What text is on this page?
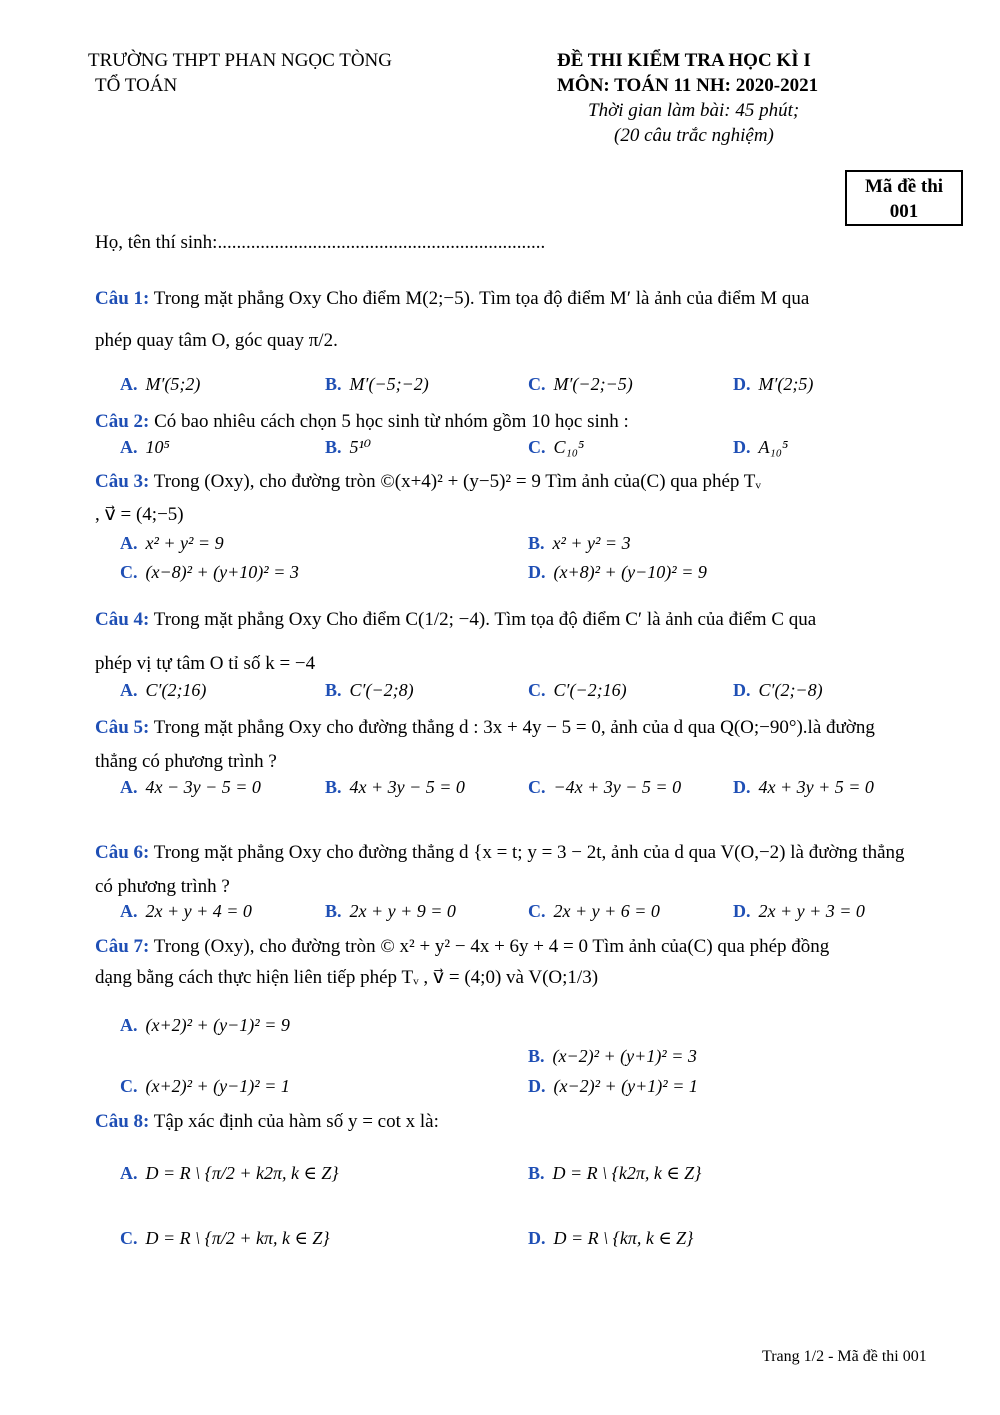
TRƯỜNG THPT PHAN NGỌC TÒNG
TỔ TOÁN
ĐỀ THI KIỂM TRA HỌC KÌ I
MÔN: TOÁN 11 NH: 2020-2021
Thời gian làm bài: 45 phút;
(20 câu trắc nghiệm)
Mã đề thi
001
Họ, tên thí sinh:.....................................................................
Câu 1: Trong mặt phẳng Oxy Cho điểm M(2;−5). Tìm tọa độ điểm M′ là ảnh của điểm M qua
phép quay tâm O, góc quay π/2.
A. M′(5;2)	B. M′(−5;−2)	C. M′(−2;−5)	D. M′(2;5)
Câu 2: Có bao nhiêu cách chọn 5 học sinh từ nhóm gồm 10 học sinh :
A. 10⁵	B. 5¹⁰	C. C₁₀⁵	D. A₁₀⁵
Câu 3: Trong (Oxy), cho đường tròn ©(x+4)² + (y−5)² = 9 Tìm ảnh của(C) qua phép Tᵥ
, v⃗ = (4;−5)
A. x² + y² = 9	B. x² + y² = 3
C. (x−8)² + (y+10)² = 3	D. (x+8)² + (y−10)² = 9
Câu 4: Trong mặt phẳng Oxy Cho điểm C(1/2; −4). Tìm tọa độ điểm C′ là ảnh của điểm C qua
phép vị tự tâm O tỉ số k = −4
A. C′(2;16)	B. C′(−2;8)	C. C′(−2;16)	D. C′(2;−8)
Câu 5: Trong mặt phẳng Oxy cho đường thẳng d : 3x + 4y − 5 = 0, ảnh của d qua Q(O;−90°).là đường
thẳng có phương trình ?
A. 4x − 3y − 5 = 0	B. 4x + 3y − 5 = 0	C. −4x + 3y − 5 = 0	D. 4x + 3y + 5 = 0
Câu 6: Trong mặt phẳng Oxy cho đường thẳng d {x = t; y = 3 − 2t, ảnh của d qua V(O,−2) là đường thẳng
có phương trình ?
A. 2x + y + 4 = 0	B. 2x + y + 9 = 0	C. 2x + y + 6 = 0	D. 2x + y + 3 = 0
Câu 7: Trong (Oxy), cho đường tròn © x² + y² − 4x + 6y + 4 = 0 Tìm ảnh của(C) qua phép đồng
dạng bằng cách thực hiện liên tiếp phép Tᵥ , v⃗ = (4;0) và V(O;1/3)
A. (x+2)² + (y−1)² = 9
B. (x−2)² + (y+1)² = 3
C. (x+2)² + (y−1)² = 1	D. (x−2)² + (y+1)² = 1
Câu 8: Tập xác định của hàm số y = cot x là:
A. D = R \ {π/2 + k2π, k ∈ Z}	B. D = R \ {k2π, k ∈ Z}
C. D = R \ {π/2 + kπ, k ∈ Z}	D. D = R \ {kπ, k ∈ Z}
Trang 1/2 - Mã đề thi 001
